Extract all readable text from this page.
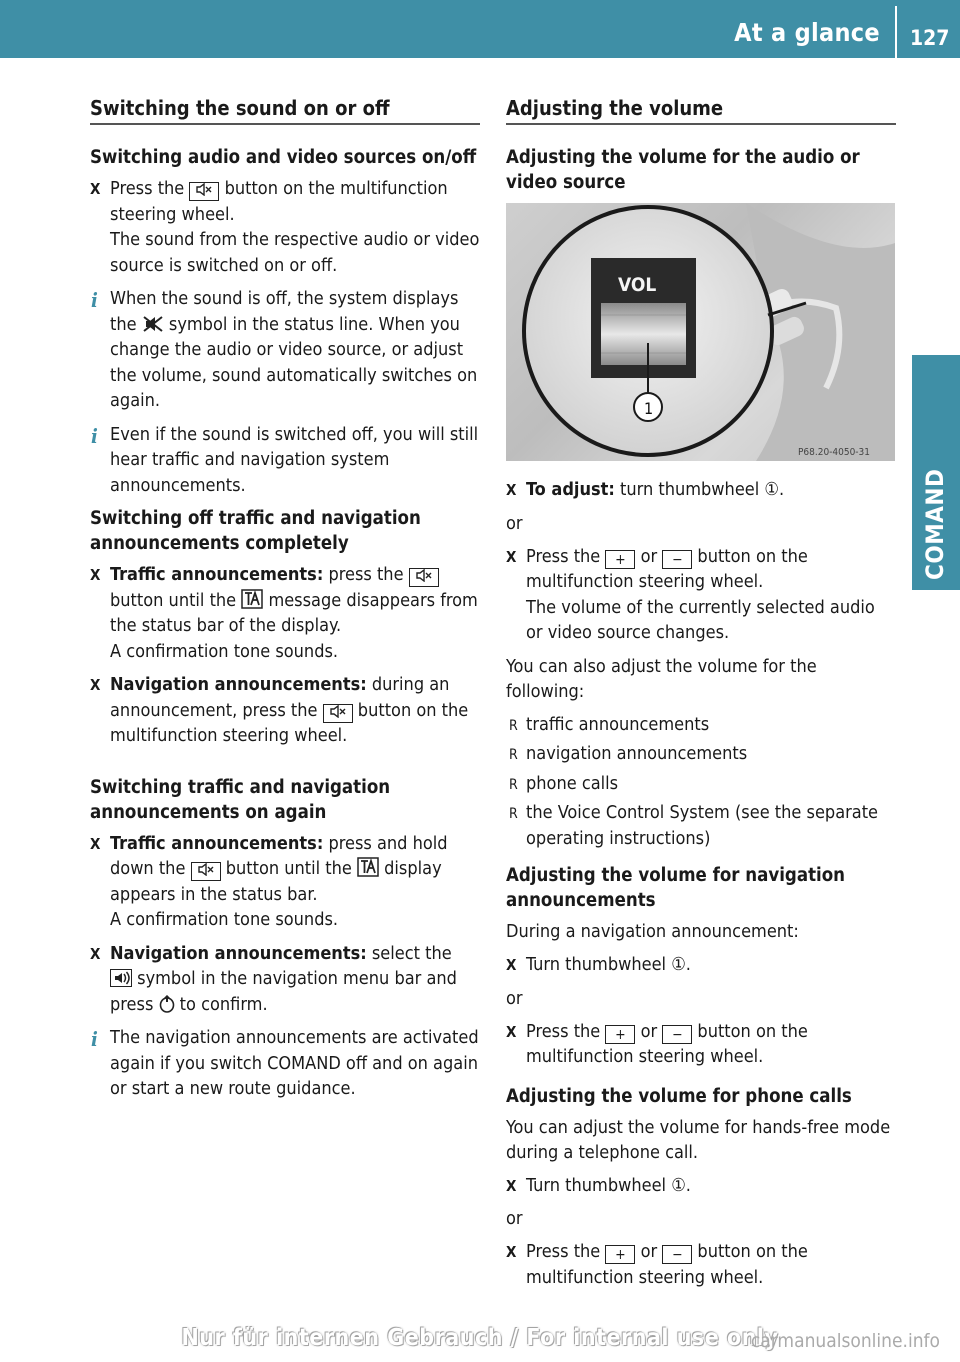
At a glance 127
COMAND
Switching the sound on or off
Switching audio and video sources on/off
X Press the  button on the multifunction steering wheel.
The sound from the respective audio or video source is switched on or off.
i When the sound is off, the system displays the  symbol in the status line. When you change the audio or video source, or adjust the volume, sound automatically switches on again.
i Even if the sound is switched off, you will still hear traffic and navigation system announcements.
Switching off traffic and navigation announcements completely
X Traffic announcements: press the
button until the  message disappears from the status bar of the display.
A confirmation tone sounds.
X Navigation announcements: during an announcement, press the  button on the multifunction steering wheel.
Switching traffic and navigation announcements on again
X Traffic announcements: press and hold down the  button until the  display appears in the status bar.
A confirmation tone sounds.
X Navigation announcements: select the
symbol in the navigation menu bar and press  to confirm.
i The navigation announcements are activated again if you switch COMAND off and on again or start a new route guidance.
Adjusting the volume
Adjusting the volume for the audio or video source
VOL
1
P68.20-4050-31
X To adjust: turn thumbwheel ①.

or

X Press the + or − button on the multifunction steering wheel.
The volume of the currently selected audio or video source changes.

You can also adjust the volume for the following:

R traffic announcements
R navigation announcements
R phone calls
R the Voice Control System (see the separate operating instructions)
Adjusting the volume for navigation announcements

During a navigation announcement:

X Turn thumbwheel ①.

or

X Press the + or − button on the multifunction steering wheel.
Adjusting the volume for phone calls

You can adjust the volume for hands-free mode during a telephone call.

X Turn thumbwheel ①.

or

X Press the + or − button on the multifunction steering wheel.
Nur für internen Gebrauch / For internal use only
carmanualsonline.info
